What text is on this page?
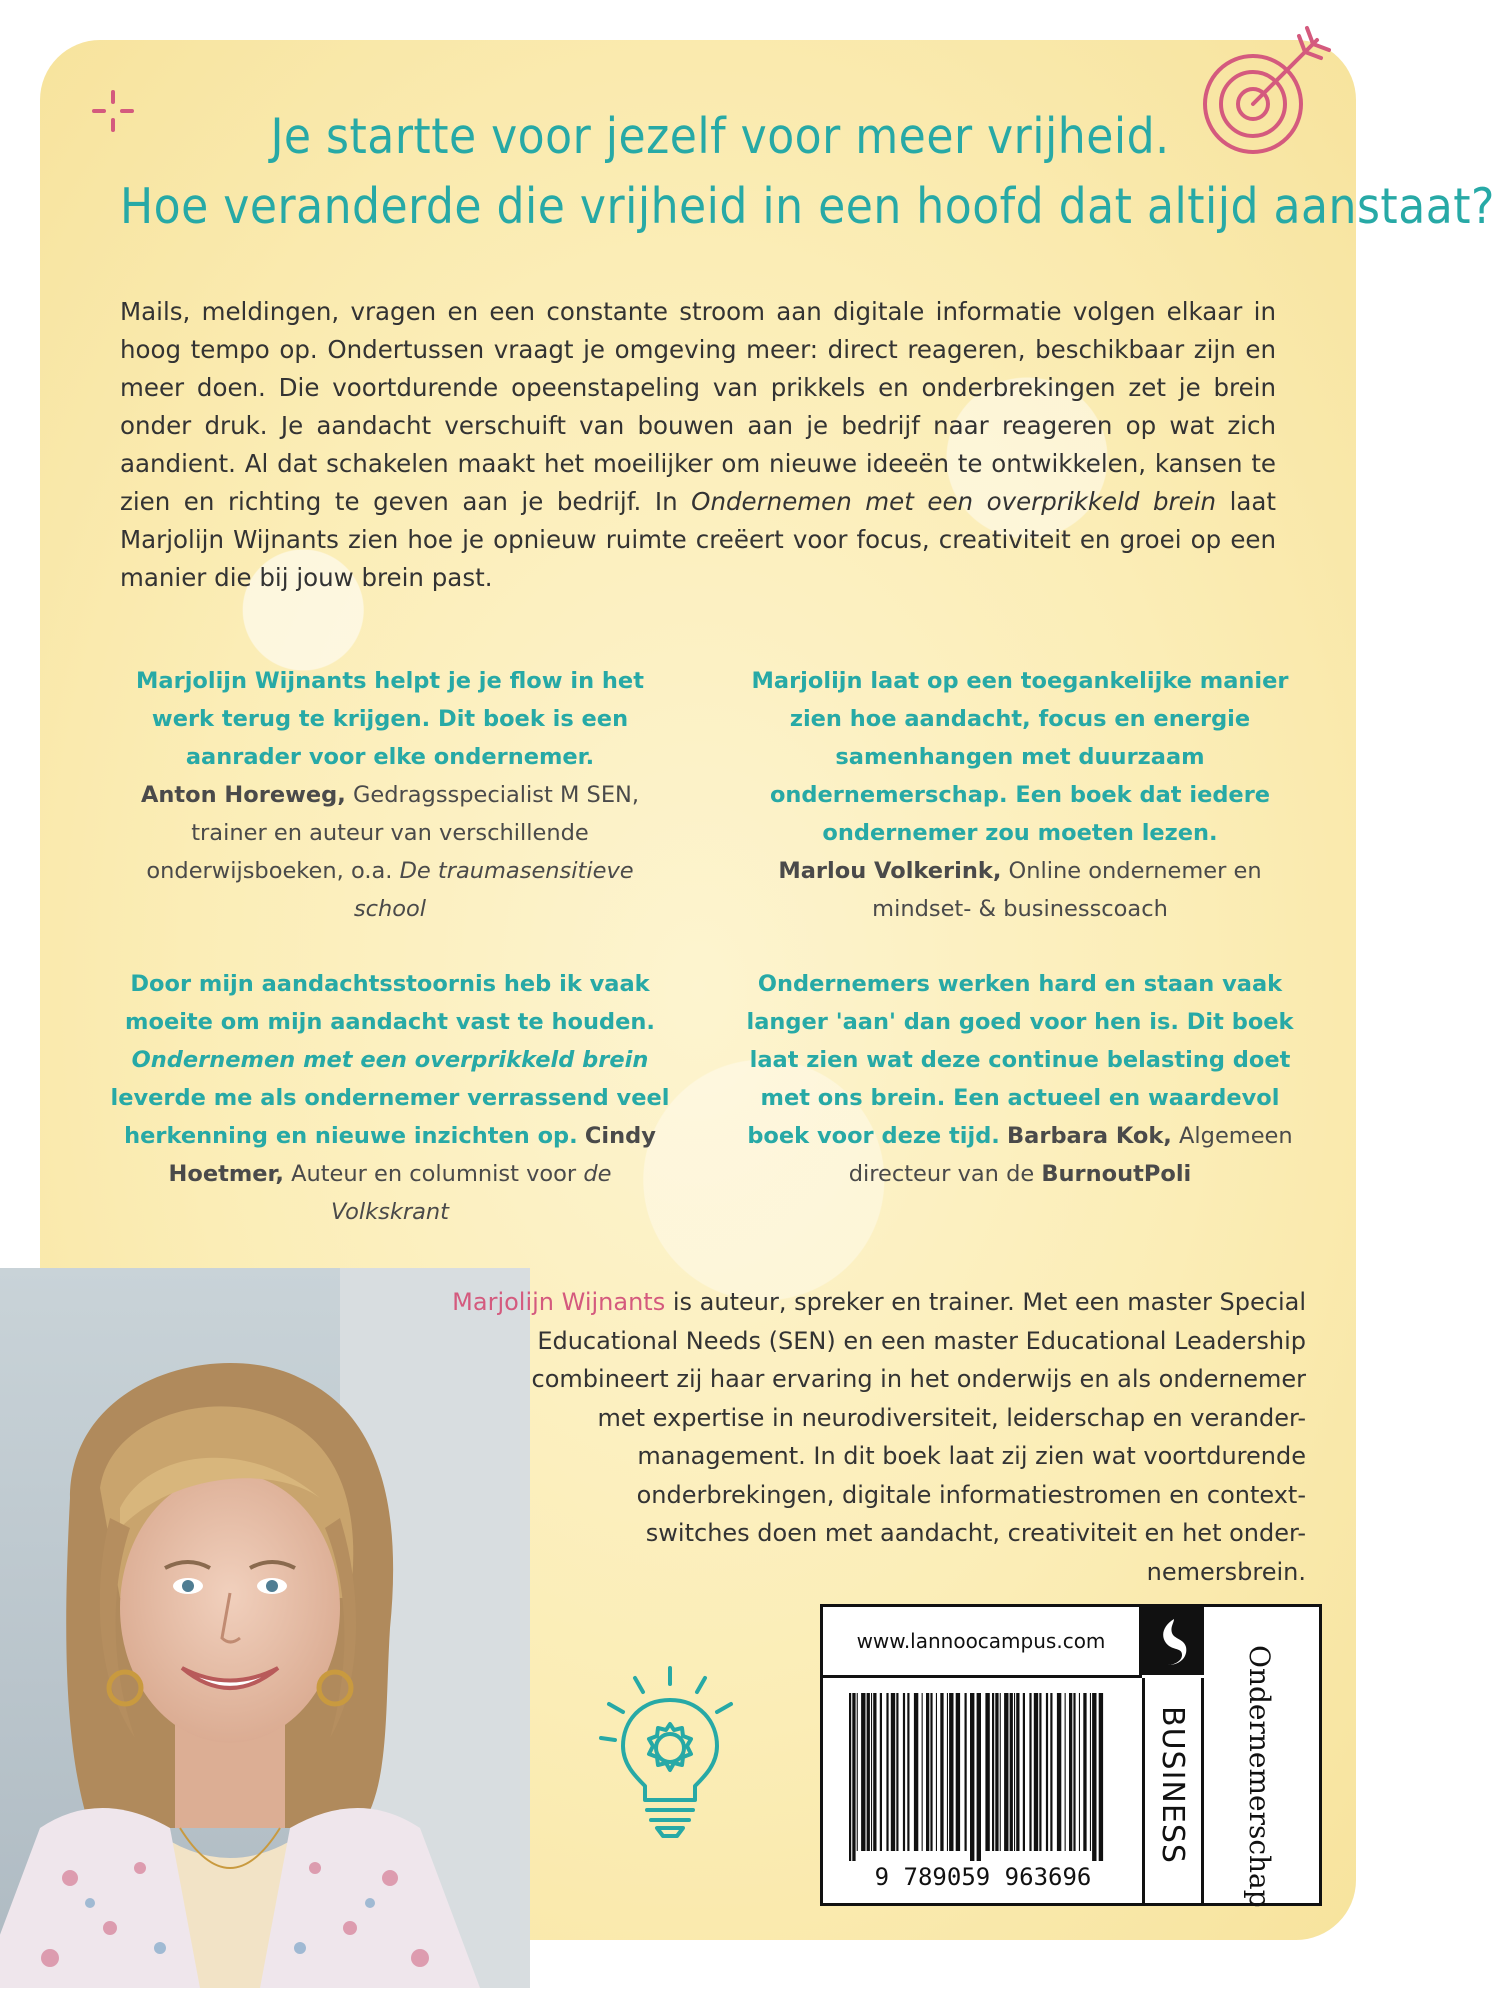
Je startte voor jezelf voor meer vrijheid.
Hoe veranderde die vrijheid in een hoofd dat altijd aanstaat?
Mails, meldingen, vragen en een constante stroom aan digitale informatie volgen elkaar in hoog tempo op. Ondertussen vraagt je omgeving meer: direct reageren, beschikbaar zijn en meer doen. Die voortdurende opeenstapeling van prikkels en onderbrekingen zet je brein onder druk. Je aandacht verschuift van bouwen aan je bedrijf naar reageren op wat zich aandient. Al dat schakelen maakt het moeilijker om nieuwe ideeën te ontwikkelen, kansen te zien en richting te geven aan je bedrijf. In Ondernemen met een overprikkeld brein laat Marjolijn Wijnants zien hoe je opnieuw ruimte creëert voor focus, creativiteit en groei op een manier die bij jouw brein past.
Marjolijn Wijnants helpt je je flow in het werk terug te krijgen. Dit boek is een aanrader voor elke ondernemer.
Anton Horeweg, Gedragsspecialist M SEN, trainer en auteur van verschillende onderwijsboeken, o.a. De traumasensitieve school
Marjolijn laat op een toegankelijke manier zien hoe aandacht, focus en energie samenhangen met duurzaam ondernemerschap. Een boek dat iedere ondernemer zou moeten lezen.
Marlou Volkerink, Online ondernemer en mindset- & businesscoach
Door mijn aandachtsstoornis heb ik vaak moeite om mijn aandacht vast te houden. Ondernemen met een overprikkeld brein leverde me als ondernemer verrassend veel herkenning en nieuwe inzichten op. Cindy Hoetmer, Auteur en columnist voor de Volkskrant
Ondernemers werken hard en staan vaak langer 'aan' dan goed voor hen is. Dit boek laat zien wat deze continue belasting doet met ons brein. Een actueel en waardevol boek voor deze tijd. Barbara Kok, Algemeen directeur van de BurnoutPoli
Marjolijn Wijnants is auteur, spreker en trainer. Met een master Special
Educational Needs (SEN) en een master Educational Leadership
combineert zij haar ervaring in het onderwijs en als ondernemer
met expertise in neurodiversiteit, leiderschap en verander-
management. In dit boek laat zij zien wat voortdurende
onderbrekingen, digitale informatiestromen en context-
switches doen met aandacht, creativiteit en het onder-
nemersbrein.
www.lannoocampus.com
9 789059 963696
BUSINESS Ondernemerschap
